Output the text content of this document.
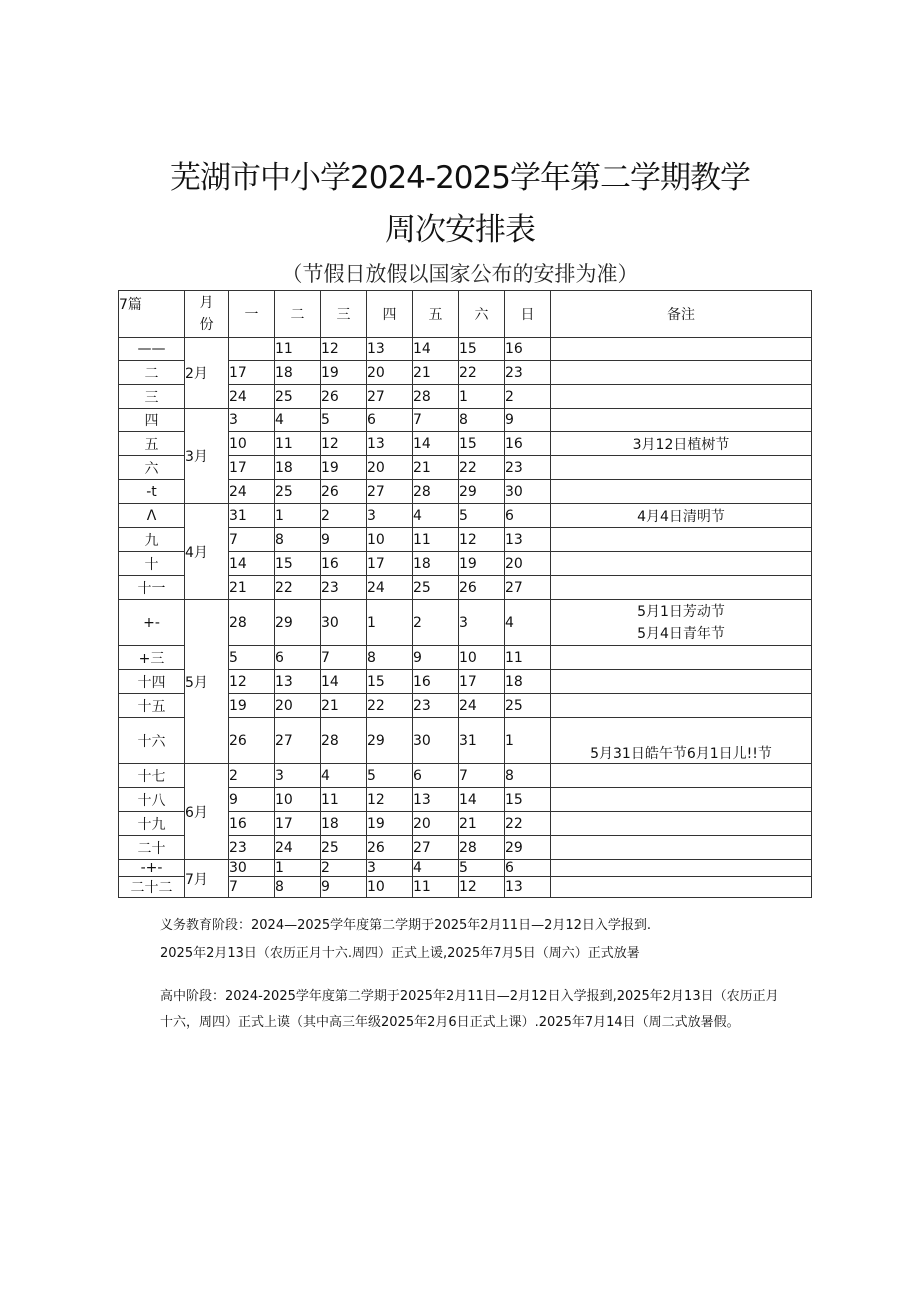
芜湖市中小学2024-2025学年第二学期教学
周次安排表
（节假日放假以国家公布的安排为准）
7篇	月
份	一	二	三	四	五	六	日	备注
——	2月		11	12	13	14	15	16	
二		17	18	19	20	21	22	23	
三		24	25	26	27	28	1	2	
四	3月	3	4	5	6	7	8	9	
五		10	11	12	13	14	15	16	3月12日植树节
六		17	18	19	20	21	22	23	
-t		24	25	26	27	28	29	30	
Λ	4月	31	1	2	3	4	5	6	4月4日清明节
九		7	8	9	10	11	12	13	
十		14	15	16	17	18	19	20	
十一		21	22	23	24	25	26	27	
+-	5月	28	29	30	1	2	3	4	5月1日芳动节
5月4日青年节

+三		5	6	7	8	9	10	11	
十四		12	13	14	15	16	17	18	
十五		19	20	21	22	23	24	25	
十六		26	27	28	29	30	31	1	5月31日皓午节6月1日儿!!节
十七	6月	2	3	4	5	6	7	8	
十八		9	10	11	12	13	14	15	
十九		16	17	18	19	20	21	22	
二十		23	24	25	26	27	28	29	
-+-	7月	30	1	2	3	4	5	6	
二十二		7	8	9	10	11	12	13	
义务教育阶段：2024—2025学年度第二学期于2025年2月11日—2月12日入学报到.
2025年2月13日（农历正月十六.周四）正式上谖,2025年7月5日（周六）正式放暑
高中阶段：2024-2025学年度第二学期于2025年2月11日—2月12日入学报到,2025年2月13日（农历正月
十六，周四）正式上谟（其中高三年级2025年2月6日正式上课）.2025年7月14日（周二式放暑假。
